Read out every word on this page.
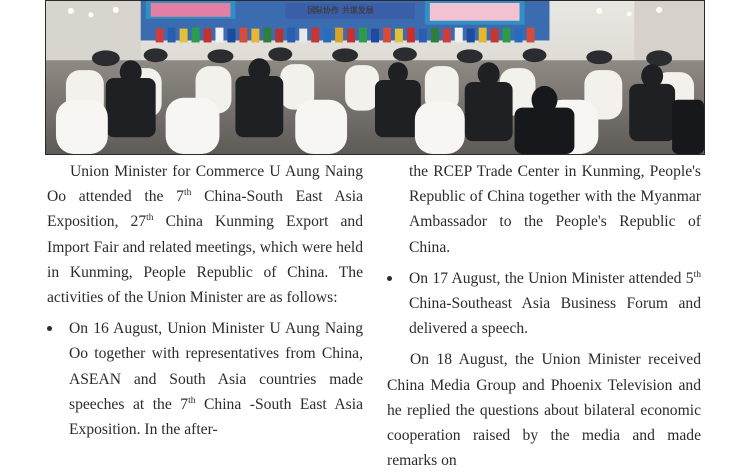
国际协作 共谋发展

Union Minister for Commerce U Aung Naing Oo attended the 7th China-South East Asia Exposition, 27th China Kunming Export and Import Fair and related meetings, which were held in Kunming, People Republic of China. The activities of the Union Minister are as follows:

On 16 August, Union Minister U Aung Naing Oo together with representatives from China, ASEAN and South Asia countries made speeches at the 7th China -South East Asia Exposition. In the after-

the RCEP Trade Center in Kunming, People's Republic of China together with the Myanmar Ambassador to the People's Republic of China.

On 17 August, the Union Minister attended 5th China-Southeast Asia Business Forum and delivered a speech.

On 18 August, the Union Minister received China Media Group and Phoenix Television and he replied the questions about bilateral economic cooperation raised by the media and made remarks on
